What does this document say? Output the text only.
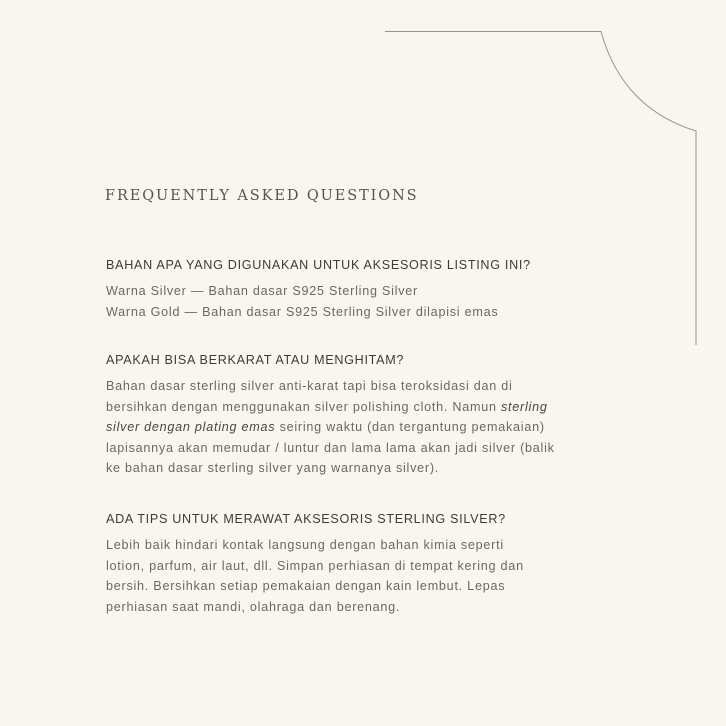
FREQUENTLY ASKED QUESTIONS
BAHAN APA YANG DIGUNAKAN UNTUK AKSESORIS LISTING INI?

Warna Silver — Bahan dasar S925 Sterling Silver
Warna Gold — Bahan dasar S925 Sterling Silver dilapisi emas

APAKAH BISA BERKARAT ATAU MENGHITAM?

Bahan dasar sterling silver anti-karat tapi bisa teroksidasi dan di
bersihkan dengan menggunakan silver polishing cloth. Namun sterling
silver dengan plating emas seiring waktu (dan tergantung pemakaian)
lapisannya akan memudar / luntur dan lama lama akan jadi silver (balik
ke bahan dasar sterling silver yang warnanya silver).

ADA TIPS UNTUK MERAWAT AKSESORIS STERLING SILVER?

Lebih baik hindari kontak langsung dengan bahan kimia seperti
lotion, parfum, air laut, dll. Simpan perhiasan di tempat kering dan
bersih. Bersihkan setiap pemakaian dengan kain lembut. Lepas
perhiasan saat mandi, olahraga dan berenang.
